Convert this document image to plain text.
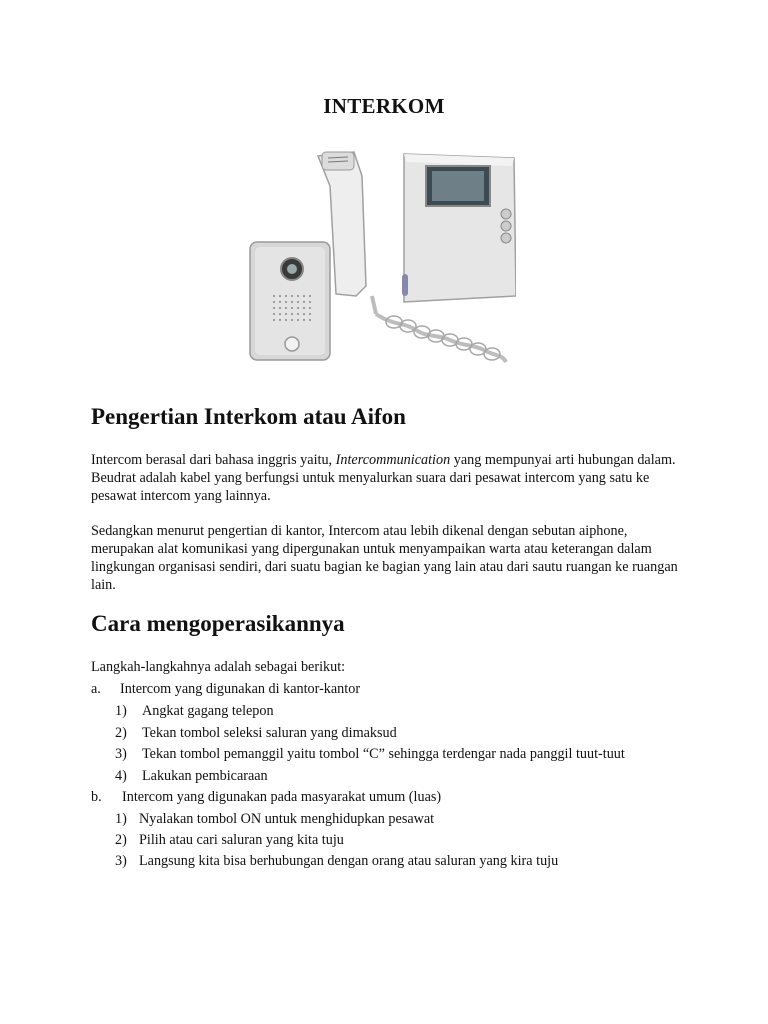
INTERKOM
Pengertian Interkom atau Aifon

Intercom berasal dari bahasa inggris yaitu, Intercommunication yang mempunyai arti hubungan dalam. Beudrat adalah kabel yang berfungsi untuk menyalurkan suara dari pesawat intercom yang satu ke pesawat intercom yang lainnya.

Sedangkan menurut pengertian di kantor, Intercom atau lebih dikenal dengan sebutan aiphone, merupakan alat komunikasi yang dipergunakan untuk menyampaikan warta atau keterangan dalam lingkungan organisasi sendiri, dari suatu bagian ke bagian yang lain atau dari sautu ruangan ke ruangan lain.

Cara mengoperasikannya

Langkah-langkahnya adalah sebagai berikut:

a. Intercom yang digunakan di kantor-kantor
1) Angkat gagang telepon
2) Tekan tombol seleksi saluran yang dimaksud
3) Tekan tombol pemanggil yaitu tombol “C” sehingga terdengar nada panggil tuut-tuut
4) Lakukan pembicaraan
b. Intercom yang digunakan pada masyarakat umum (luas)
1) Nyalakan tombol ON untuk menghidupkan pesawat
2) Pilih atau cari saluran yang kita tuju
3) Langsung kita bisa berhubungan dengan orang atau saluran yang kira tuju
